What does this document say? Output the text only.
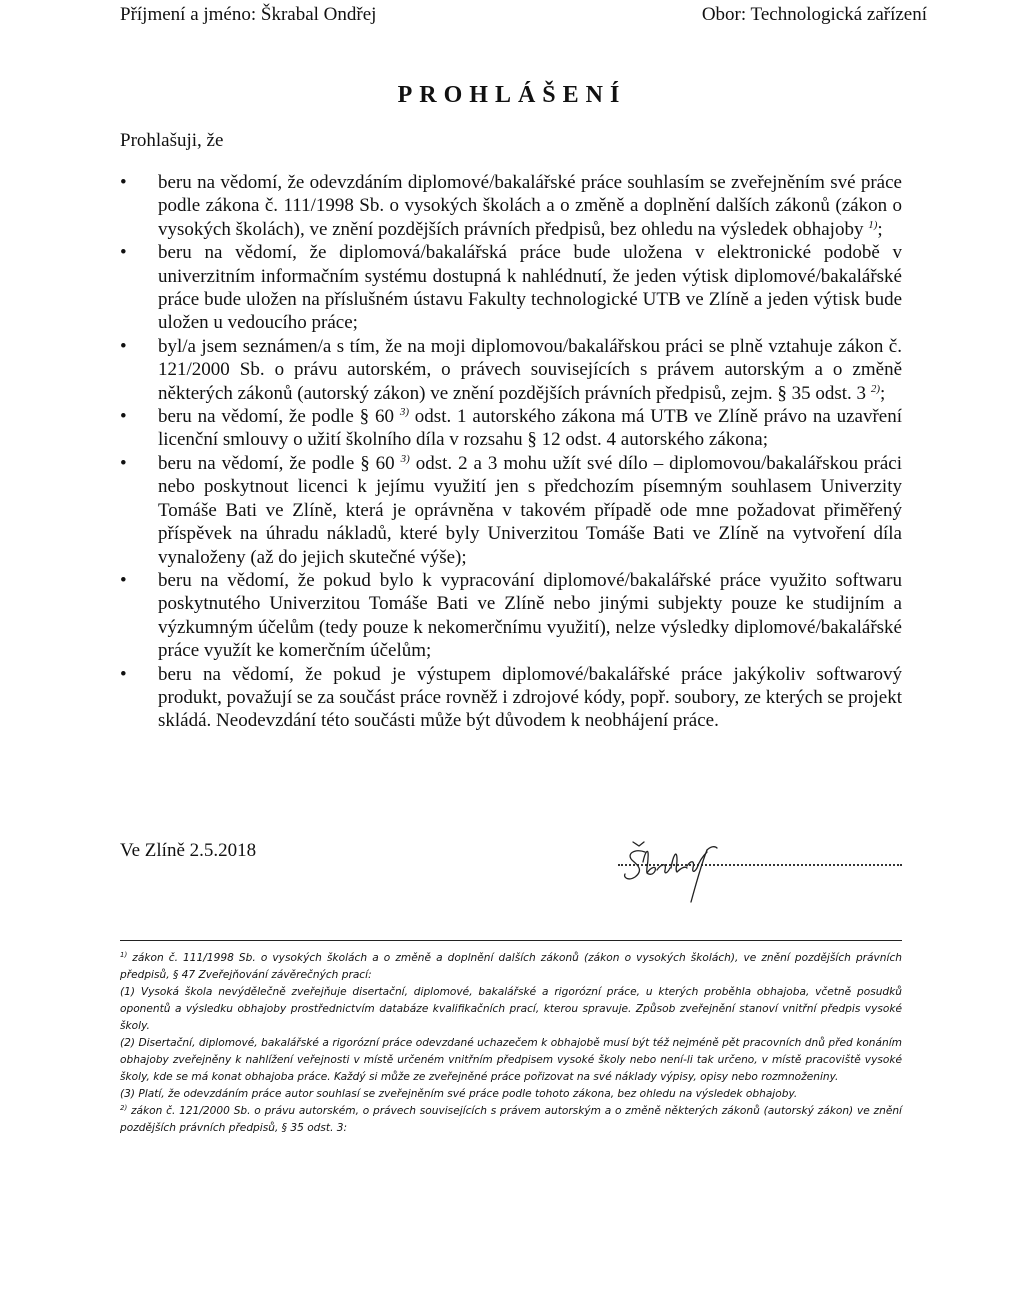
Příjmení a jméno: Škrabal Ondřej	Obor: Technologická zařízení
PROHLÁŠENÍ
Prohlašuji, že
• beru na vědomí, že odevzdáním diplomové/bakalářské práce souhlasím se zveřejněním své práce podle zákona č. 111/1998 Sb. o vysokých školách a o změně a doplnění dalších zákonů (zákon o vysokých školách), ve znění pozdějších právních předpisů, bez ohledu na výsledek obhajoby $^{1)}$;
• beru na vědomí, že diplomová/bakalářská práce bude uložena v elektronické podobě v univerzitním informačním systému dostupná k nahlédnutí, že jeden výtisk diplomové/bakalářské práce bude uložen na příslušném ústavu Fakulty technologické UTB ve Zlíně a jeden výtisk bude uložen u vedoucího práce;
• byl/a jsem seznámen/a s tím, že na moji diplomovou/bakalářskou práci se plně vztahuje zákon č. 121/2000 Sb. o právu autorském, o právech souvisejících s právem autorským a o změně některých zákonů (autorský zákon) ve znění pozdějších právních předpisů, zejm. § 35 odst. 3 $^{2)}$;
• beru na vědomí, že podle § 60 $^{3)}$ odst. 1 autorského zákona má UTB ve Zlíně právo na uzavření licenční smlouvy o užití školního díla v rozsahu § 12 odst. 4 autorského zákona;
• beru na vědomí, že podle § 60 $^{3)}$ odst. 2 a 3 mohu užít své dílo – diplomovou/bakalářskou práci nebo poskytnout licenci k jejímu využití jen s předchozím písemným souhlasem Univerzity Tomáše Bati ve Zlíně, která je oprávněna v takovém případě ode mne požadovat přiměřený příspěvek na úhradu nákladů, které byly Univerzitou Tomáše Bati ve Zlíně na vytvoření díla vynaloženy (až do jejich skutečné výše);
• beru na vědomí, že pokud bylo k vypracování diplomové/bakalářské práce využito softwaru poskytnutého Univerzitou Tomáše Bati ve Zlíně nebo jinými subjekty pouze ke studijním a výzkumným účelům (tedy pouze k nekomerčnímu využití), nelze výsledky diplomové/bakalářské práce využít ke komerčním účelům;
• beru na vědomí, že pokud je výstupem diplomové/bakalářské práce jakýkoliv softwarový produkt, považují se za součást práce rovněž i zdrojové kódy, popř. soubory, ze kterých se projekt skládá. Neodevzdání této součásti může být důvodem k neobhájení práce.
Ve Zlíně 2.5.2018

$^{1)}$ zákon č. 111/1998 Sb. o vysokých školách a o změně a doplnění dalších zákonů (zákon o vysokých školách), ve znění pozdějších právních předpisů, § 47 Zveřejňování závěrečných prací:

(1) Vysoká škola nevýdělečně zveřejňuje disertační, diplomové, bakalářské a rigorózní práce, u kterých proběhla obhajoba, včetně posudků oponentů a výsledku obhajoby prostřednictvím databáze kvalifikačních prací, kterou spravuje. Způsob zveřejnění stanoví vnitřní předpis vysoké školy.

(2) Disertační, diplomové, bakalářské a rigorózní práce odevzdané uchazečem k obhajobě musí být též nejméně pět pracovních dnů před konáním obhajoby zveřejněny k nahlížení veřejnosti v místě určeném vnitřním předpisem vysoké školy nebo není-li tak určeno, v místě pracoviště vysoké školy, kde se má konat obhajoba práce. Každý si může ze zveřejněné práce pořizovat na své náklady výpisy, opisy nebo rozmnoženiny.

(3) Platí, že odevzdáním práce autor souhlasí se zveřejněním své práce podle tohoto zákona, bez ohledu na výsledek obhajoby.

$^{2)}$ zákon č. 121/2000 Sb. o právu autorském, o právech souvisejících s právem autorským a o změně některých zákonů (autorský zákon) ve znění pozdějších právních předpisů, § 35 odst. 3:
